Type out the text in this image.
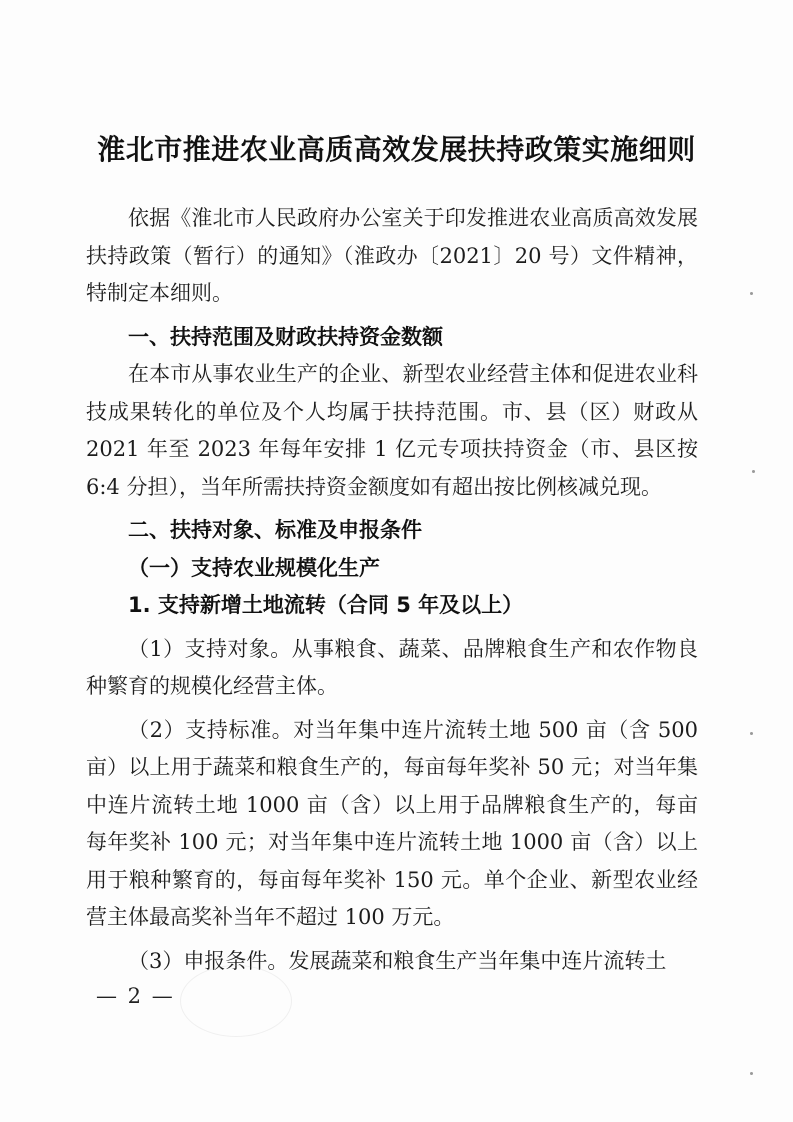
淮北市推进农业高质高效发展扶持政策实施细则

依据《淮北市人民政府办公室关于印发推进农业高质高效发展扶持政策（暂行）的通知》（淮政办〔2021〕20 号）文件精神，特制定本细则。

一、扶持范围及财政扶持资金数额

在本市从事农业生产的企业、新型农业经营主体和促进农业科技成果转化的单位及个人均属于扶持范围。市、县（区）财政从 2021 年至 2023 年每年安排 1 亿元专项扶持资金（市、县区按 6:4 分担），当年所需扶持资金额度如有超出按比例核减兑现。

二、扶持对象、标准及申报条件

（一）支持农业规模化生产

1. 支持新增土地流转（合同 5 年及以上）

（1）支持对象。从事粮食、蔬菜、品牌粮食生产和农作物良种繁育的规模化经营主体。

（2）支持标准。对当年集中连片流转土地 500 亩（含 500 亩）以上用于蔬菜和粮食生产的，每亩每年奖补 50 元；对当年集中连片流转土地 1000 亩（含）以上用于品牌粮食生产的，每亩每年奖补 100 元；对当年集中连片流转土地 1000 亩（含）以上用于粮种繁育的，每亩每年奖补 150 元。单个企业、新型农业经营主体最高奖补当年不超过 100 万元。

（3）申报条件。发展蔬菜和粮食生产当年集中连片流转土

— 2 —
